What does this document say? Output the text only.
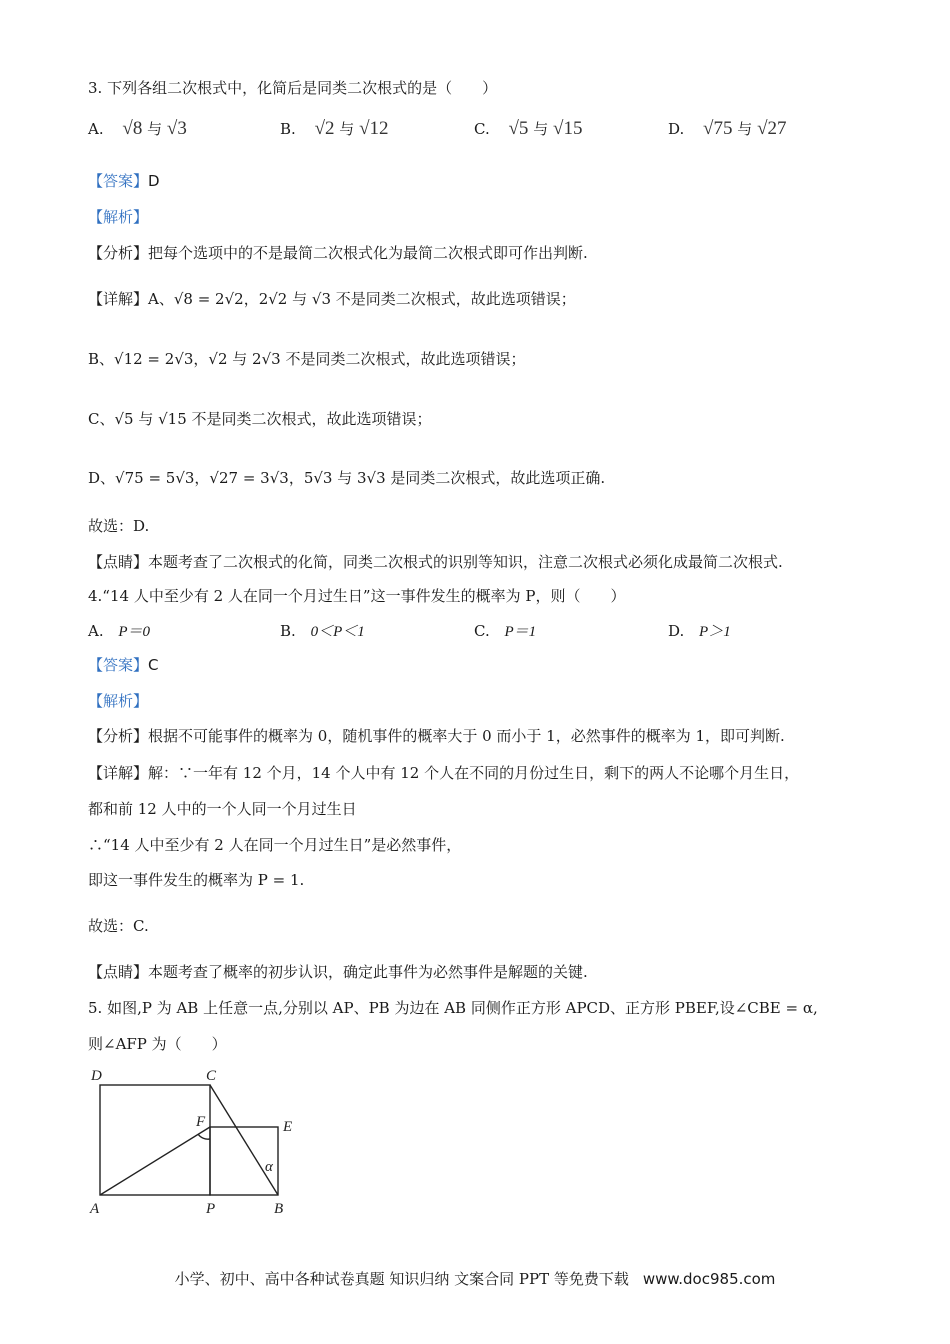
3. 下列各组二次根式中，化简后是同类二次根式的是（　　）
A. √8 与 √3	B. √2 与 √12	C. √5 与 √15	D. √75 与 √27
【答案】D
【解析】
【分析】把每个选项中的不是最简二次根式化为最简二次根式即可作出判断.
【详解】A、√8 = 2√2，2√2 与 √3 不是同类二次根式，故此选项错误；
B、√12 = 2√3，√2 与 2√3 不是同类二次根式，故此选项错误；
C、√5 与 √15 不是同类二次根式，故此选项错误；
D、√75 = 5√3，√27 = 3√3，5√3 与 3√3 是同类二次根式，故此选项正确.
故选：D.
【点睛】本题考查了二次根式的化简，同类二次根式的识别等知识，注意二次根式必须化成最简二次根式.
4.“14 人中至少有 2 人在同一个月过生日”这一事件发生的概率为 P，则（　　）
A. P＝0	B. 0＜P＜1	C. P＝1	D. P＞1
【答案】C
【解析】
【分析】根据不可能事件的概率为 0，随机事件的概率大于 0 而小于 1，必然事件的概率为 1，即可判断.
【详解】解：∵一年有 12 个月，14 个人中有 12 个人在不同的月份过生日，剩下的两人不论哪个月生日，
都和前 12 人中的一个人同一个月过生日
∴“14 人中至少有 2 人在同一个月过生日”是必然事件，
即这一事件发生的概率为 P = 1.
故选：C.
【点睛】本题考查了概率的初步认识，确定此事件为必然事件是解题的关键.
5. 如图,P 为 AB 上任意一点,分别以 AP、PB 为边在 AB 同侧作正方形 APCD、正方形 PBEF,设∠CBE = α,
则∠AFP 为（　　）
D	C
F	E
α
A	P	B
小学、初中、高中各种试卷真题 知识归纳 文案合同 PPT 等免费下载 www.doc985.com
